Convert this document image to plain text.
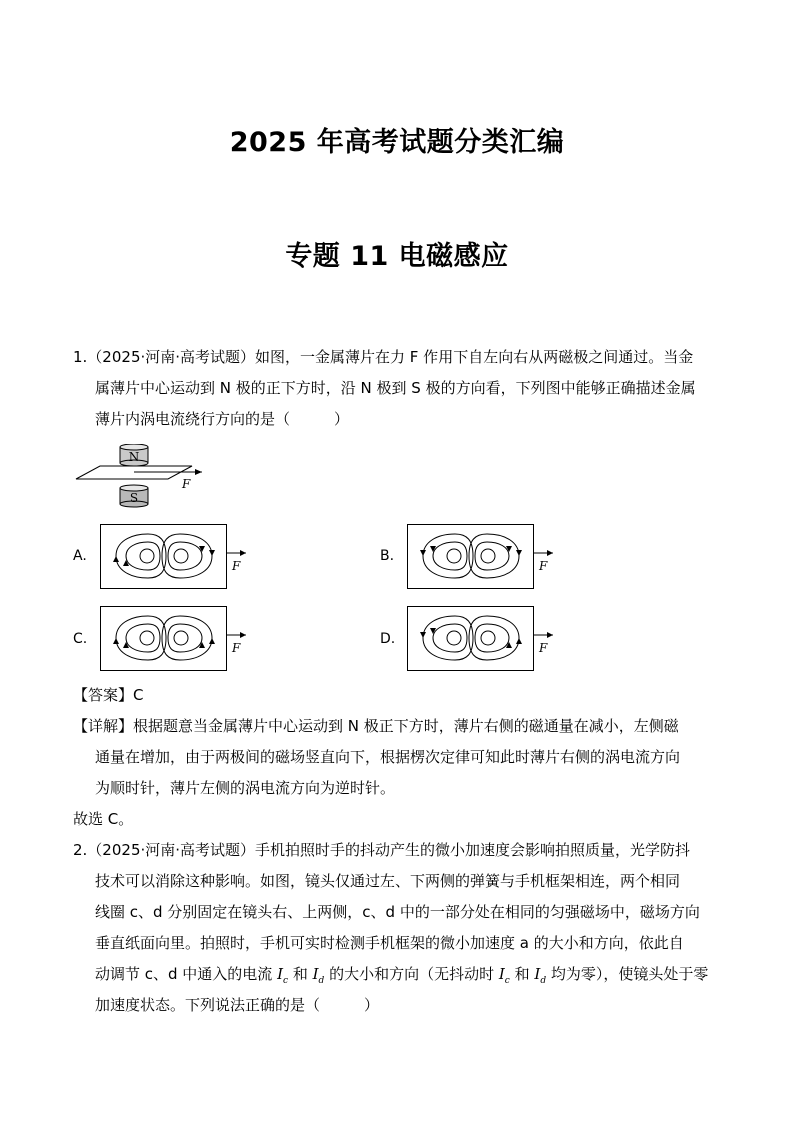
2025 年高考试题分类汇编
专题 11 电磁感应
1.（2025·河南·高考试题）如图，一金属薄片在力 F 作用下自左向右从两磁极之间通过。当金
属薄片中心运动到 N 极的正下方时，沿 N 极到 S 极的方向看，下列图中能够正确描述金属
薄片内涡电流绕行方向的是（	）
N
F
S
A.
F
B.
F
C.
F
D.
F
【答案】C
【详解】根据题意当金属薄片中心运动到 N 极正下方时，薄片右侧的磁通量在减小，左侧磁
通量在增加，由于两极间的磁场竖直向下，根据楞次定律可知此时薄片右侧的涡电流方向
为顺时针，薄片左侧的涡电流方向为逆时针。
故选 C。
2.（2025·河南·高考试题）手机拍照时手的抖动产生的微小加速度会影响拍照质量，光学防抖
技术可以消除这种影响。如图，镜头仅通过左、下两侧的弹簧与手机框架相连，两个相同
线圈 c、d 分别固定在镜头右、上两侧，c、d 中的一部分处在相同的匀强磁场中，磁场方向
垂直纸面向里。拍照时，手机可实时检测手机框架的微小加速度 a 的大小和方向，依此自
动调节 c、d 中通入的电流 $I_c$ 和 $I_d$ 的大小和方向（无抖动时 $I_c$ 和 $I_d$ 均为零），使镜头处于零
加速度状态。下列说法正确的是（	）
